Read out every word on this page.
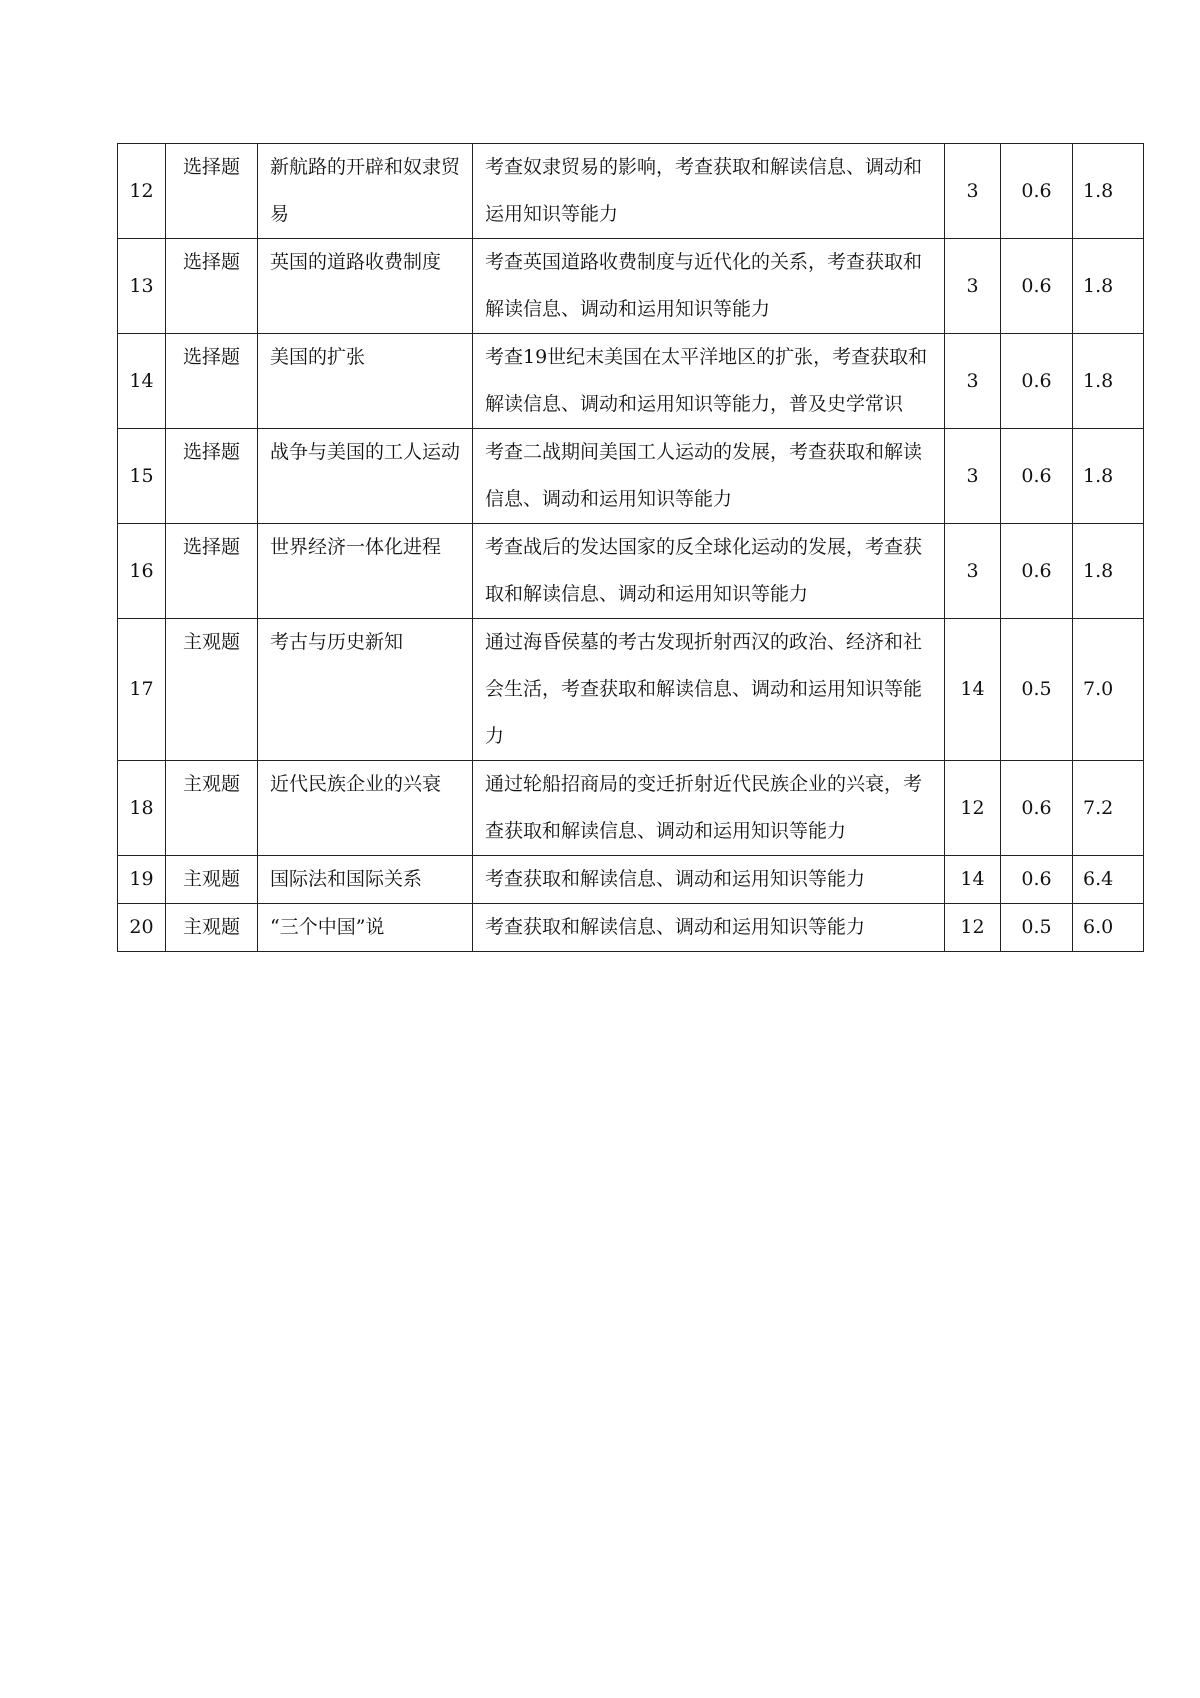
12	选择题	新航路的开辟和奴隶贸易	考查奴隶贸易的影响，考查获取和解读信息、调动和运用知识等能力	3	0.6	1.8
13	选择题	英国的道路收费制度	考查英国道路收费制度与近代化的关系，考查获取和解读信息、调动和运用知识等能力	3	0.6	1.8
14	选择题	美国的扩张	考查19世纪末美国在太平洋地区的扩张，考查获取和解读信息、调动和运用知识等能力，普及史学常识	3	0.6	1.8
15	选择题	战争与美国的工人运动	考查二战期间美国工人运动的发展，考查获取和解读信息、调动和运用知识等能力	3	0.6	1.8
16	选择题	世界经济一体化进程	考查战后的发达国家的反全球化运动的发展，考查获取和解读信息、调动和运用知识等能力	3	0.6	1.8
17	主观题	考古与历史新知	通过海昏侯墓的考古发现折射西汉的政治、经济和社会生活，考查获取和解读信息、调动和运用知识等能力	14	0.5	7.0
18	主观题	近代民族企业的兴衰	通过轮船招商局的变迁折射近代民族企业的兴衰，考查获取和解读信息、调动和运用知识等能力	12	0.6	7.2
19	主观题	国际法和国际关系	考查获取和解读信息、调动和运用知识等能力	14	0.6	6.4
20	主观题	“三个中国”说	考查获取和解读信息、调动和运用知识等能力	12	0.5	6.0
